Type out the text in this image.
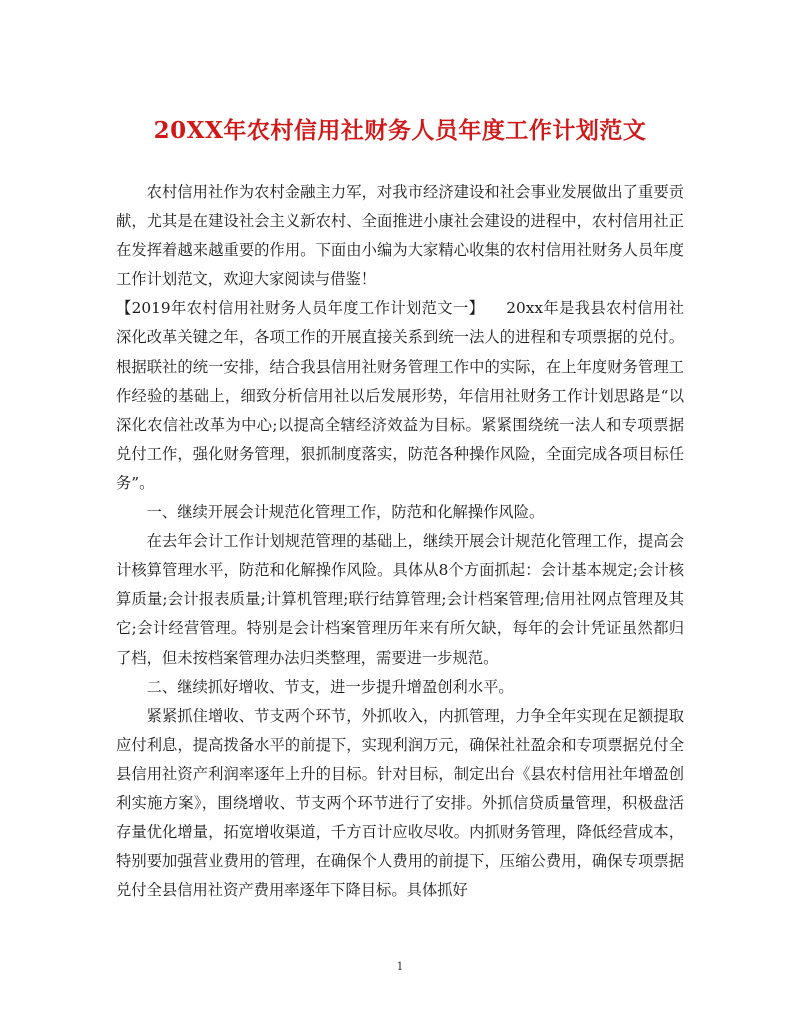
20XX年农村信用社财务人员年度工作计划范文

农村信用社作为农村金融主力军，对我市经济建设和社会事业发展做出了重要贡献，尤其是在建设社会主义新农村、全面推进小康社会建设的进程中，农村信用社正在发挥着越来越重要的作用。下面由小编为大家精心收集的农村信用社财务人员年度工作计划范文，欢迎大家阅读与借鉴！

【2019年农村信用社财务人员年度工作计划范文一】 20xx年是我县农村信用社深化改革关键之年，各项工作的开展直接关系到统一法人的进程和专项票据的兑付。根据联社的统一安排，结合我县信用社财务管理工作中的实际，在上年度财务管理工作经验的基础上，细致分析信用社以后发展形势，年信用社财务工作计划思路是“以深化农信社改革为中心;以提高全辖经济效益为目标。紧紧围绕统一法人和专项票据兑付工作，强化财务管理，狠抓制度落实，防范各种操作风险，全面完成各项目标任务”。

一、继续开展会计规范化管理工作，防范和化解操作风险。

在去年会计工作计划规范管理的基础上，继续开展会计规范化管理工作，提高会计核算管理水平，防范和化解操作风险。具体从8个方面抓起：会计基本规定;会计核算质量;会计报表质量;计算机管理;联行结算管理;会计档案管理;信用社网点管理及其它;会计经营管理。特别是会计档案管理历年来有所欠缺，每年的会计凭证虽然都归了档，但未按档案管理办法归类整理，需要进一步规范。

二、继续抓好增收、节支，进一步提升增盈创利水平。

紧紧抓住增收、节支两个环节，外抓收入，内抓管理，力争全年实现在足额提取应付利息，提高拨备水平的前提下，实现利润万元，确保社社盈余和专项票据兑付全县信用社资产利润率逐年上升的目标。针对目标，制定出台《县农村信用社年增盈创利实施方案》，围绕增收、节支两个环节进行了安排。外抓信贷质量管理，积极盘活存量优化增量，拓宽增收渠道，千方百计应收尽收。内抓财务管理，降低经营成本，特别要加强营业费用的管理，在确保个人费用的前提下，压缩公费用，确保专项票据兑付全县信用社资产费用率逐年下降目标。具体抓好

1
